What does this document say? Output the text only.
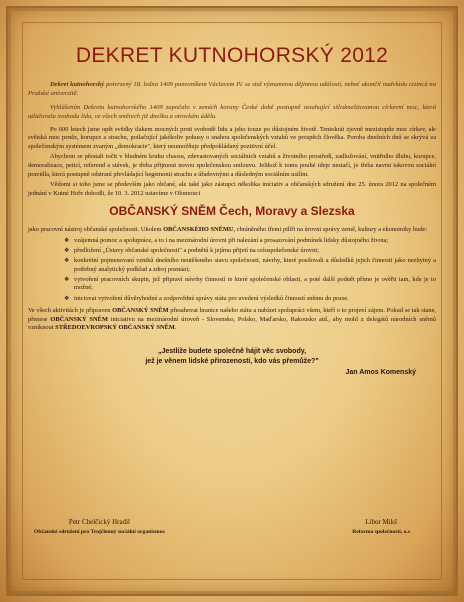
DEKRET KUTNOHORSKÝ 2012

Dekret kutnohorský potvrzený 18. ledna 1409 panovníkem Václavem IV. se stal významnou dějinnou událostí, neboť ukončil nadvládu cizinců na Pražské univerzitě.

Vyhlášením Dekretu kutnohorského 1409 započalo v zemích koruny České době postupně osiahující sšlisknešitovanou církevní moc, která utlačovala svobodu lidu, ve všech směrech již dnešku a otrockém údělu.

Po 600 letech jsme opět svědky tlakem mocných proti svobodě lidu a jeho touze po důstojném životě. Tentokrát zjevně mezistupňe moc církev, ale světská moc peněz, korupce a strachu, potlačující jakékoliv pokusy o snahou společenských vztahů ve prospěch člověka. Poroba dnešních dnů se skrývá za společenským systémem zvaným „demokracie", který neumožňuje předpokládaný pozitivní účel.

Abychom se přestali točit v bludném kruhu chaosu, zdevastovaných sociálních vztahů a životního prostředí, zadlužování, vnitřního dluhu, korupce, demoralizace, peticí, referend a stávek, je třeba přijmout novou společenskou smlouvu. Jelikož k tomu pouhé ideje nestačí, je třeba navrst takovou sociální pravidla, která postupně odstraní převládající hegemonii strachu a úřadovnými a důsledným sociálním usilím.

Vědomi si toho jsme se především jako občané, ale také jako zástupci několika iniciativ a občanských sdružení dne 25. února 2012 na společném jednání v Kutné Hoře dohodli, že 10. 3. 2012 ustavíme v Olomouci

OBČANSKÝ SNĚM Čech, Moravy a Slezska
jako pracovní nástroj občanské společnosti. Ukolem OBČANSKÉHO SNĚMU, chráněného třemi pilíři na úrovni správy země, kultury a ekonomiky bude:
❖ vzájemná pomoc a spolupráce, a to i na mezinárodní úrovni při nalezání a prosazování podmínek lidsky důstojného života;
❖ předložení „Ústavy občanské společnosti" a podnětů k jejímu přijetí na celospolečenské úrovni;
❖ konkrétní pojmenovaní vzniků dnešního neutěšeného stavu společnosti, návrhy, které posilovali a důsledků jejich činnosti jako nezbytný a potřebný analytický podklad a zdroj poznání;
❖ vytvoření pracovních skupin, jež připraví návrhy činností te které společenské oblasti, a poté další podnět přímo je ověřit tam, kde je to možné;
❖ iniciovat vytvoření důvěryhodné a zodpovědné správy státu pro uvedení výsledků činností sněmu do praxe.
Ve všech aktivitách je připraven OBČANSKÝ SNĚM přesahovat hranice našeho státu a nabízet spolupráci všem, kteří o to projeví zájem. Pokud se tak stane, přenese OBČANSKÝ SNĚM iniciativu na mezinárodní úroveň - Slovensko, Polsko, Maďarsko, Rakousko atd., aby mohl z delegátů národních sněmů vzniknout STŘEDOEVROPSKÝ OBČANSKÝ SNĚM.
„Jestliže budete společně hájit věc svobody,
jež je věnem lidské přirozenosti, kdo vás přemůže?"
Jan Amos Komenský
Petr Chelčický Hradil
Občanské sdružení pro Trojčlenný sociální organismus
Libor Mikš
Reforma společnosti, o.s
